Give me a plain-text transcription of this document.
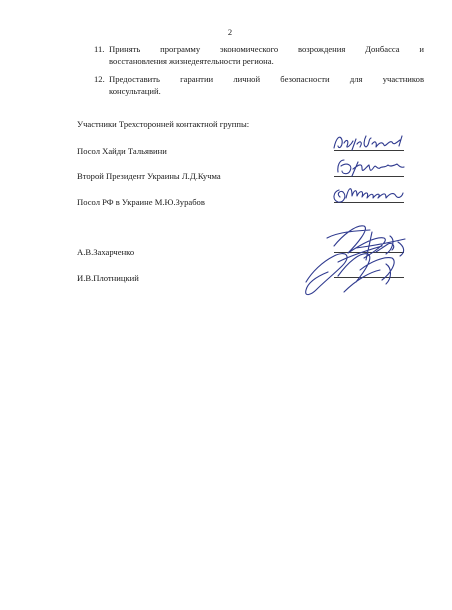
2
11. Принять программу экономического возрождения Донбасса и
восстановления жизнедеятельности региона.
12. Предоставить гарантии личной безопасности для участников
консультаций.
Участники Трехсторонней контактной группы:
Посол Хайди Тальявини
Второй Президент Украины Л.Д.Кучма
Посол РФ в Украине М.Ю.Зурабов
А.В.Захарченко
И.В.Плотницкий
